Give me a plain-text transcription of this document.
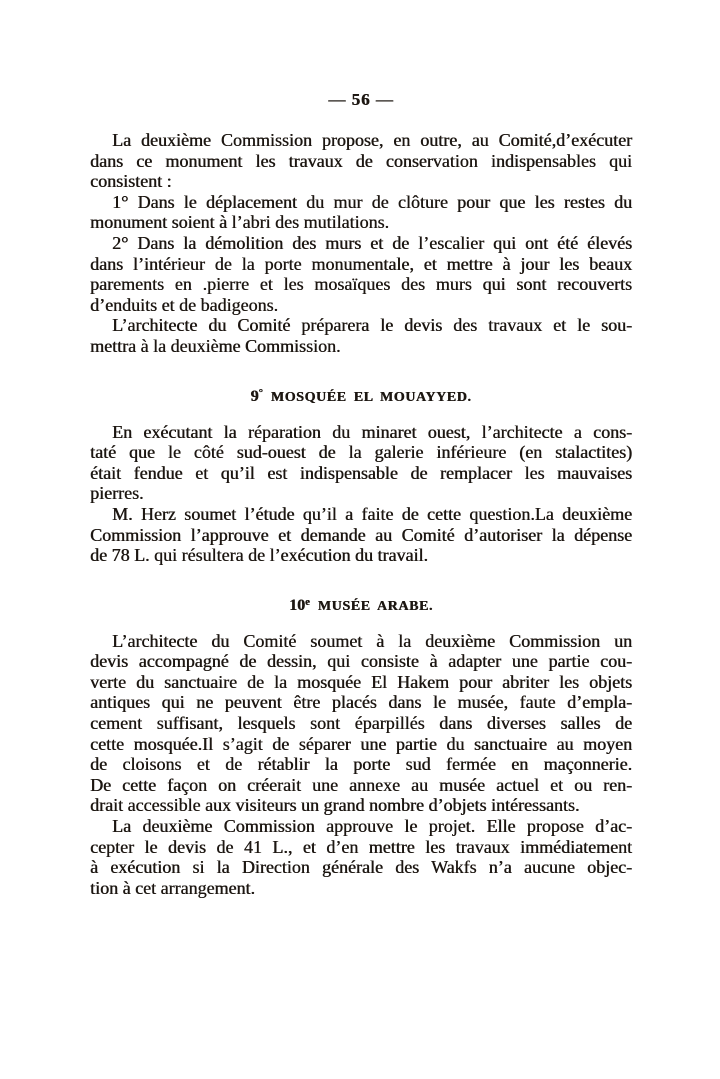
— 56 —
La deuxième Commission propose, en outre, au Comité,d’exécuter
dans ce monument les travaux de conservation indispensables qui
consistent :
1° Dans le déplacement du mur de clôture pour que les restes du
monument soient à l’abri des mutilations.
2° Dans la démolition des murs et de l’escalier qui ont été élevés
dans l’intérieur de la porte monumentale, et mettre à jour les beaux
parements en .pierre et les mosaïques des murs qui sont recouverts
d’enduits et de badigeons.
L’architecte du Comité préparera le devis des travaux et le sou-
mettra à la deuxième Commission.
9° MOSQUÉE EL MOUAYYED.
En exécutant la réparation du minaret ouest, l’architecte a cons-
taté que le côté sud-ouest de la galerie inférieure (en stalactites)
était fendue et qu’il est indispensable de remplacer les mauvaises
pierres.
M. Herz soumet l’étude qu’il a faite de cette question.La deuxième
Commission l’approuve et demande au Comité d’autoriser la dépense
de 78 L. qui résultera de l’exécution du travail.
10e MUSÉE ARABE.
L’architecte du Comité soumet à la deuxième Commission un
devis accompagné de dessin, qui consiste à adapter une partie cou-
verte du sanctuaire de la mosquée El Hakem pour abriter les objets
antiques qui ne peuvent être placés dans le musée, faute d’empla-
cement suffisant, lesquels sont éparpillés dans diverses salles de
cette mosquée.Il s’agit de séparer une partie du sanctuaire au moyen
de cloisons et de rétablir la porte sud fermée en maçonnerie.
De cette façon on créerait une annexe au musée actuel et ou ren-
drait accessible aux visiteurs un grand nombre d’objets intéressants.
La deuxième Commission approuve le projet. Elle propose d’ac-
cepter le devis de 41 L., et d’en mettre les travaux immédiatement
à exécution si la Direction générale des Wakfs n’a aucune objec-
tion à cet arrangement.
